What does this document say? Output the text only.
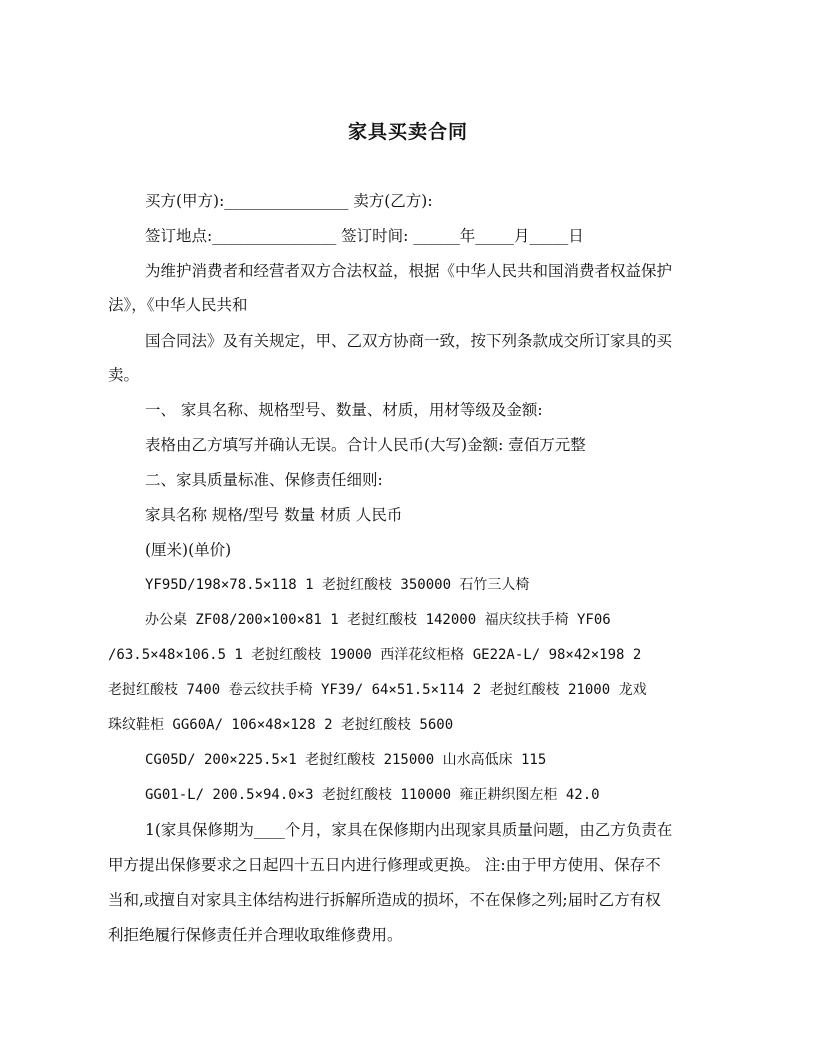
家具买卖合同
买方(甲方):________________ 卖方(乙方):
签订地点:________________ 签订时间: ______年_____月_____日
为维护消费者和经营者双方合法权益，根据《中华人民共和国消费者权益保护
法》，《中华人民共和
国合同法》及有关规定，甲、乙双方协商一致，按下列条款成交所订家具的买
卖。
一、 家具名称、规格型号、数量、材质，用材等级及金额:
表格由乙方填写并确认无误。合计人民币(大写)金额: 壹佰万元整
二、家具质量标准、保修责任细则:
家具名称 规格/型号 数量 材质 人民币
(厘米)(单价)
YF95D/198×78.5×118 1 老挝红酸枝 350000 石竹三人椅
办公桌 ZF08/200×100×81 1 老挝红酸枝 142000 福庆纹扶手椅 YF06
/63.5×48×106.5 1 老挝红酸枝 19000 西洋花纹柜格 GE22A-L/ 98×42×198 2
老挝红酸枝 7400 卷云纹扶手椅 YF39/ 64×51.5×114 2 老挝红酸枝 21000 龙戏
珠纹鞋柜 GG60A/ 106×48×128 2 老挝红酸枝 5600
CG05D/ 200×225.5×1 老挝红酸枝 215000 山水高低床 115
GG01-L/ 200.5×94.0×3 老挝红酸枝 110000 雍正耕织图左柜 42.0
1(家具保修期为____个月，家具在保修期内出现家具质量问题，由乙方负责在
甲方提出保修要求之日起四十五日内进行修理或更换。 注:由于甲方使用、保存不
当和,或擅自对家具主体结构进行拆解所造成的损坏，不在保修之列;届时乙方有权
利拒绝履行保修责任并合理收取维修费用。
